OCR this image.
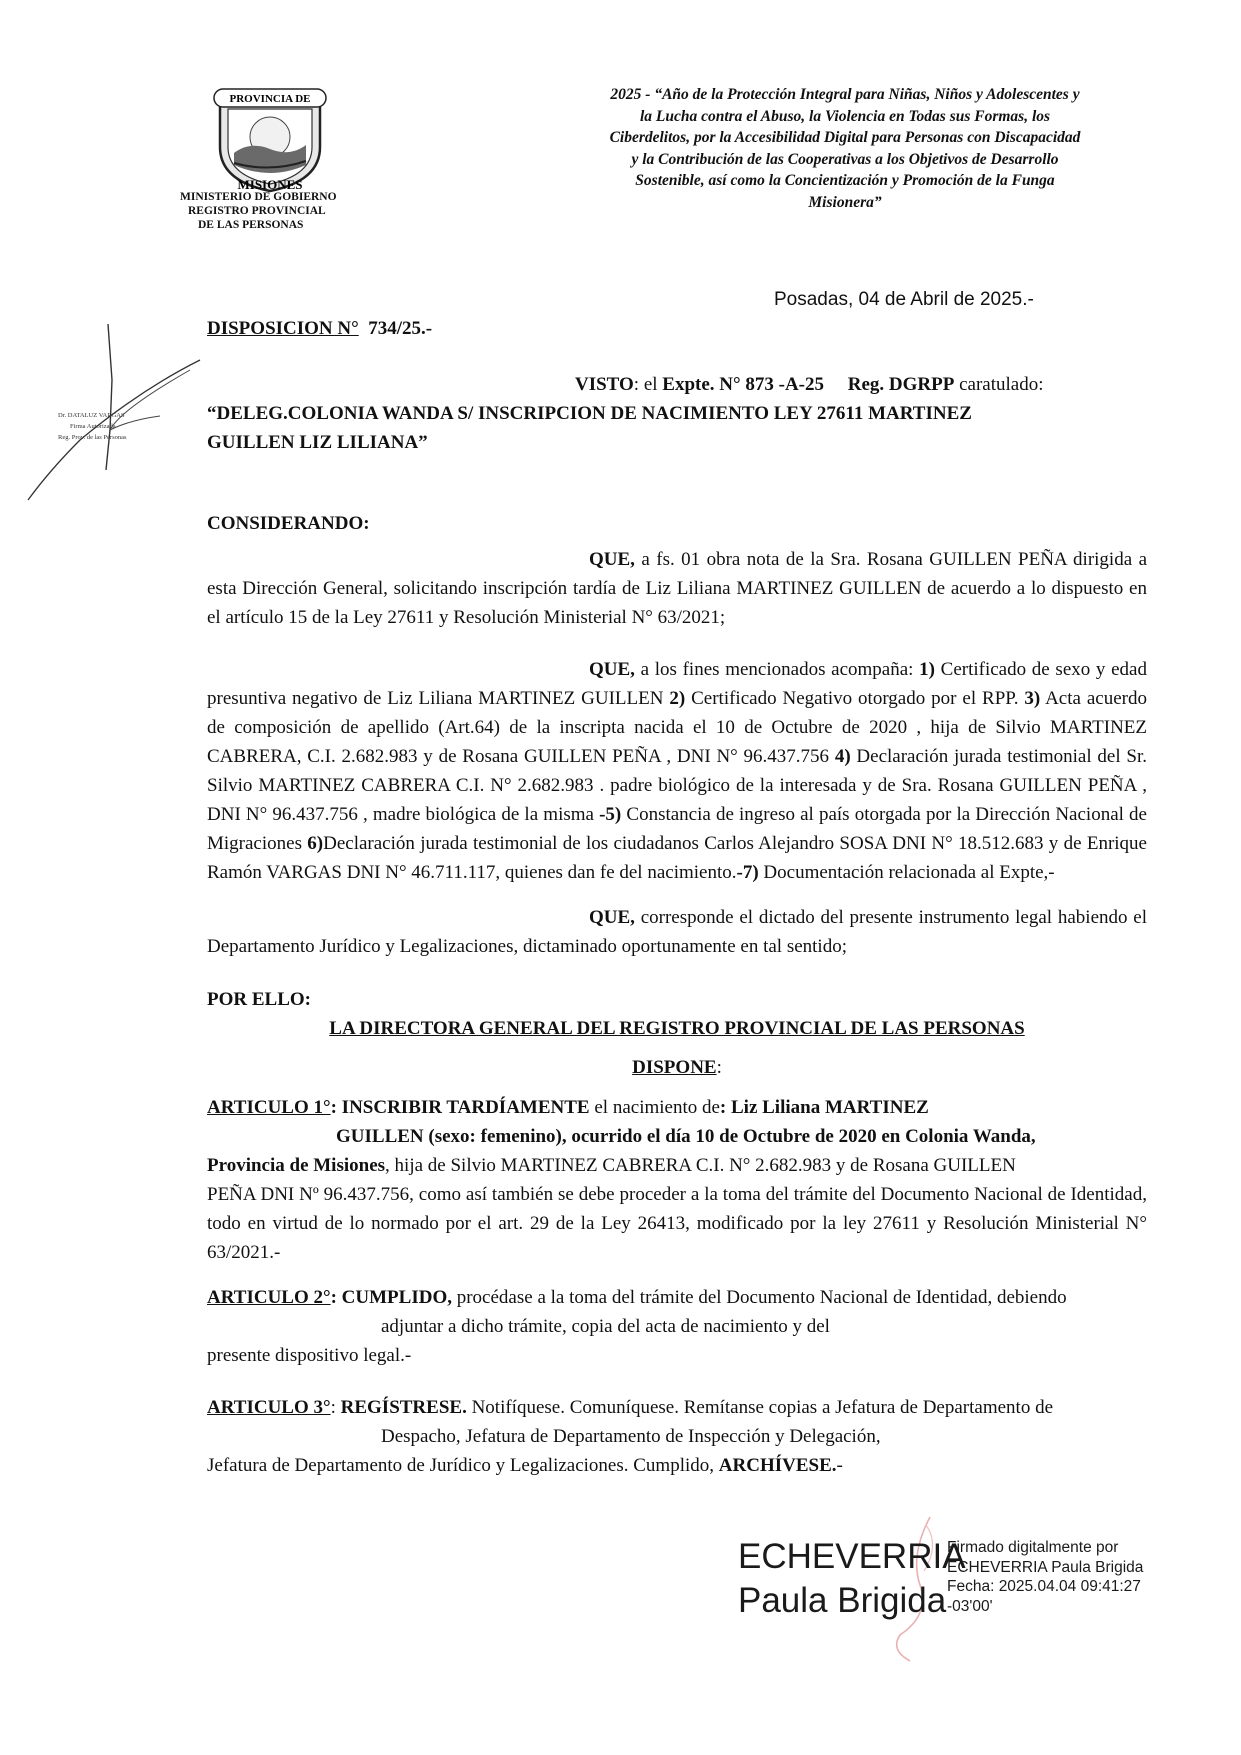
PROVINCIA DE
MISIONES
MINISTERIO DE GOBIERNO
REGISTRO PROVINCIAL
DE LAS PERSONAS
2025 - “Año de la Protección Integral para Niñas, Niños y Adolescentes y
la Lucha contra el Abuso, la Violencia en Todas sus Formas, los
Ciberdelitos, por la Accesibilidad Digital para Personas con Discapacidad
y la Contribución de las Cooperativas a los Objetivos de Desarrollo
Sostenible, así como la Concientización y Promoción de la Funga
Misionera”
Posadas, 04 de Abril de 2025.-
DISPOSICION N° 734/25.-
Dr. DATALUZ VARGAS
Firma Autorizada
Reg. Prov. de las Personas
VISTO: el Expte. N° 873 -A-25 Reg. DGRPP caratulado:
“DELEG.COLONIA WANDA S/ INSCRIPCION DE NACIMIENTO LEY 27611 MARTINEZ
GUILLEN LIZ LILIANA”
CONSIDERANDO:
QUE, a fs. 01 obra nota de la Sra. Rosana GUILLEN PEÑA dirigida a esta Dirección General, solicitando inscripción tardía de Liz Liliana MARTINEZ GUILLEN de acuerdo a lo dispuesto en el artículo 15 de la Ley 27611 y Resolución Ministerial N° 63/2021;
QUE, a los fines mencionados acompaña: 1) Certificado de sexo y edad presuntiva negativo de Liz Liliana MARTINEZ GUILLEN 2) Certificado Negativo otorgado por el RPP. 3) Acta acuerdo de composición de apellido (Art.64) de la inscripta nacida el 10 de Octubre de 2020 , hija de Silvio MARTINEZ CABRERA, C.I. 2.682.983 y de Rosana GUILLEN PEÑA , DNI N° 96.437.756 4) Declaración jurada testimonial del Sr. Silvio MARTINEZ CABRERA C.I. N° 2.682.983 . padre biológico de la interesada y de Sra. Rosana GUILLEN PEÑA , DNI N° 96.437.756 , madre biológica de la misma -5) Constancia de ingreso al país otorgada por la Dirección Nacional de Migraciones 6)Declaración jurada testimonial de los ciudadanos Carlos Alejandro SOSA DNI N° 18.512.683 y de Enrique Ramón VARGAS DNI N° 46.711.117, quienes dan fe del nacimiento.-7) Documentación relacionada al Expte,-
QUE, corresponde el dictado del presente instrumento legal habiendo el Departamento Jurídico y Legalizaciones, dictaminado oportunamente en tal sentido;
POR ELLO:
LA DIRECTORA GENERAL DEL REGISTRO PROVINCIAL DE LAS PERSONAS
DISPONE:
ARTICULO 1°: INSCRIBIR TARDÍAMENTE el nacimiento de: Liz Liliana MARTINEZ
GUILLEN (sexo: femenino), ocurrido el día 10 de Octubre de 2020 en Colonia Wanda,
Provincia de Misiones, hija de Silvio MARTINEZ CABRERA C.I. N° 2.682.983 y de Rosana GUILLEN
PEÑA DNI Nº 96.437.756, como así también se debe proceder a la toma del trámite del Documento Nacional de Identidad, todo en virtud de lo normado por el art. 29 de la Ley 26413, modificado por la ley 27611 y Resolución Ministerial N° 63/2021.-
ARTICULO 2°: CUMPLIDO, procédase a la toma del trámite del Documento Nacional de Identidad, debiendo
adjuntar a dicho trámite, copia del acta de nacimiento y del
presente dispositivo legal.-
ARTICULO 3°: REGÍSTRESE. Notifíquese. Comuníquese. Remítanse copias a Jefatura de Departamento de
Despacho, Jefatura de Departamento de Inspección y Delegación,
Jefatura de Departamento de Jurídico y Legalizaciones. Cumplido, ARCHÍVESE.-
ECHEVERRIA
Paula Brigida
Firmado digitalmente por
ECHEVERRIA Paula Brigida
Fecha: 2025.04.04 09:41:27
-03'00'
